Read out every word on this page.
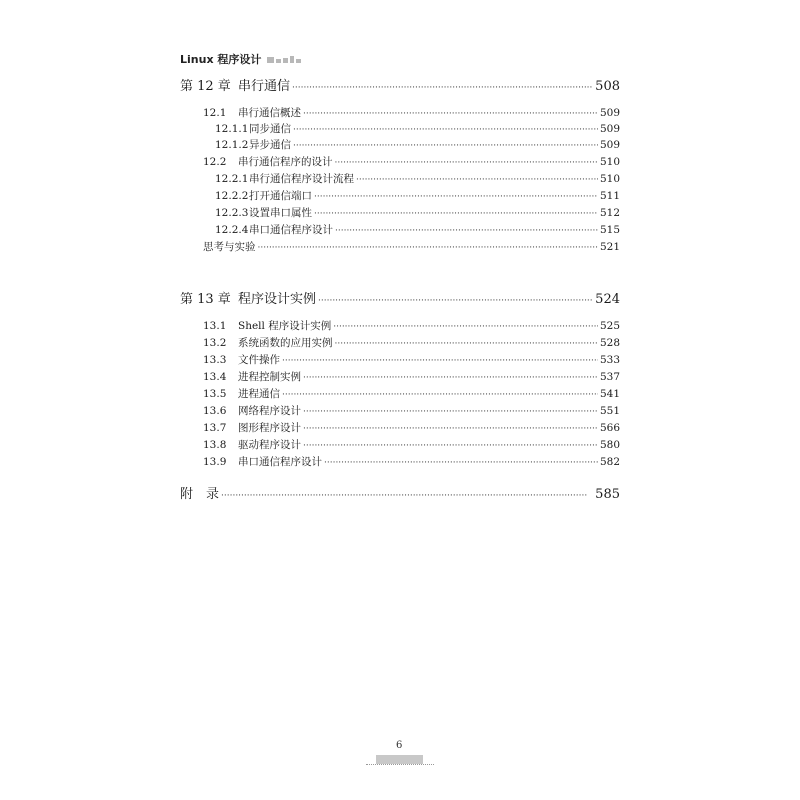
Linux 程序设计
第 12 章 串行通信 ·····	508
12.1	串行通信概述 ·····	509
12.1.1 同步通信 ·····	509
12.1.2 异步通信 ·····	509
12.2	串行通信程序的设计 ·····	510
12.2.1 串行通信程序设计流程 ·····	510
12.2.2 打开通信端口 ·····	511
12.2.3 设置串口属性 ·····	512
12.2.4 串口通信程序设计 ·····	515
思考与实验 ·····	521
第 13 章 程序设计实例 ·····	524
13.1	Shell 程序设计实例 ·····	525
13.2	系统函数的应用实例 ·····	528
13.3	文件操作 ·····	533
13.4	进程控制实例 ·····	537
13.5	进程通信 ·····	541
13.6	网络程序设计 ·····	551
13.7	图形程序设计 ·····	566
13.8	驱动程序设计 ·····	580
13.9	串口通信程序设计 ·····	582
附　录 ·····	585
6
